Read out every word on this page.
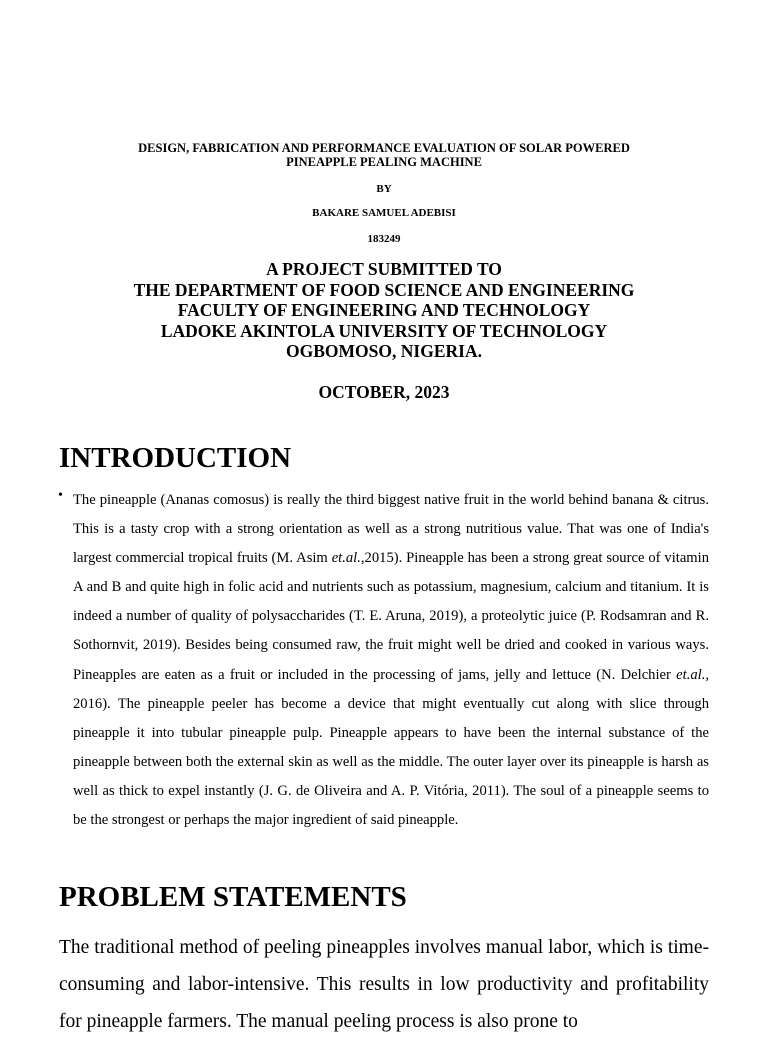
DESIGN, FABRICATION AND PERFORMANCE EVALUATION OF SOLAR POWERED

PINEAPPLE PEALING MACHINE

BY

BAKARE SAMUEL ADEBISI

183249

A PROJECT SUBMITTED TO
THE DEPARTMENT OF FOOD SCIENCE AND ENGINEERING
FACULTY OF ENGINEERING AND TECHNOLOGY
LADOKE AKINTOLA UNIVERSITY OF TECHNOLOGY
OGBOMOSO, NIGERIA.
OCTOBER, 2023
INTRODUCTION
• The pineapple (Ananas comosus) is really the third biggest native fruit in the world behind banana & citrus. This is a tasty crop with a strong orientation as well as a strong nutritious value. That was one of India's largest commercial tropical fruits (M. Asim et.al.,2015). Pineapple has been a strong great source of vitamin A and B and quite high in folic acid and nutrients such as potassium, magnesium, calcium and titanium. It is indeed a number of quality of polysaccharides (T. E. Aruna, 2019), a proteolytic juice (P. Rodsamran and R. Sothornvit, 2019). Besides being consumed raw, the fruit might well be dried and cooked in various ways. Pineapples are eaten as a fruit or included in the processing of jams, jelly and lettuce (N. Delchier et.al., 2016). The pineapple peeler has become a device that might eventually cut along with slice through pineapple it into tubular pineapple pulp. Pineapple appears to have been the internal substance of the pineapple between both the external skin as well as the middle. The outer layer over its pineapple is harsh as well as thick to expel instantly (J. G. de Oliveira and A. P. Vitória, 2011). The soul of a pineapple seems to be the strongest or perhaps the major ingredient of said pineapple.

PROBLEM STATEMENTS

The traditional method of peeling pineapples involves manual labor, which is time-consuming and labor-intensive. This results in low productivity and profitability for pineapple farmers. The manual peeling process is also prone to
